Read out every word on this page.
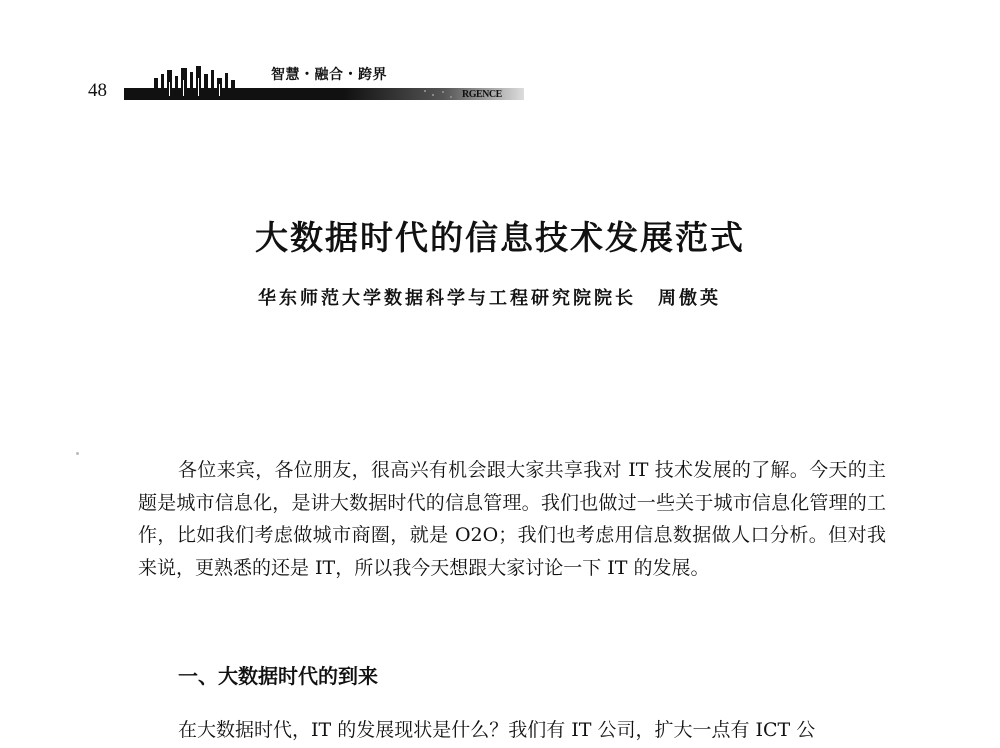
48
智慧・融合・跨界
RGENCE
大数据时代的信息技术发展范式
华东师范大学数据科学与工程研究院院长 周傲英

各位来宾，各位朋友，很高兴有机会跟大家共享我对 IT 技术发展的了解。今天的主题是城市信息化，是讲大数据时代的信息管理。我们也做过一些关于城市信息化管理的工作，比如我们考虑做城市商圈，就是 O2O；我们也考虑用信息数据做人口分析。但对我来说，更熟悉的还是 IT，所以我今天想跟大家讨论一下 IT 的发展。

一、大数据时代的到来

在大数据时代，IT 的发展现状是什么？我们有 IT 公司，扩大一点有 ICT 公
